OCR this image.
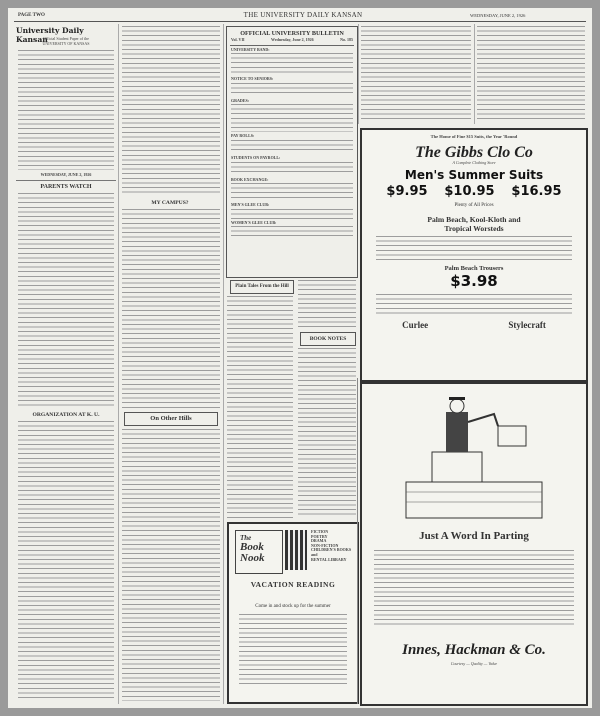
PAGE TWO	THE UNIVERSITY DAILY KANSAN	WEDNESDAY, JUNE 2, 1926
University Daily Kansan
Official Student Paper of the
UNIVERSITY OF KANSAS
WEDNESDAY, JUNE 2, 1926
PARENTS WATCH
ORGANIZATION AT K. U.
MY CAMPUS?
On Other Hills
OFFICIAL UNIVERSITY BULLETIN
Vol. VII	Wednesday, June 2, 1926	No. 185
UNIVERSITY BAND:
NOTICE TO SENIORS:
GRADES:
PAY ROLLS:
STUDENTS ON PAYROLL:
BOOK EXCHANGE:
MEN'S GLEE CLUB:
WOMEN'S GLEE CLUB:
Plain Tales From the Hill
BOOK NOTES
The Home of Fine $15 Suits, the Year 'Round
The Gibbs Clo Co
A Complete Clothing Store
Men's Summer Suits
$9.95 $10.95 $16.95
Plenty of All Prices
Palm Beach, Kool-Kloth and
Tropical Worsteds
Palm Beach Trousers
$3.98
Curlee	Stylecraft
The
Book
Nook
FICTION
POETRY
DRAMA
NON-FICTION
CHILDREN'S BOOKS
and
RENTAL LIBRARY
VACATION READING
Come in and stock up for the summer
Just A Word In Parting
Innes, Hackman & Co.
Courtesy — Quality — Value
